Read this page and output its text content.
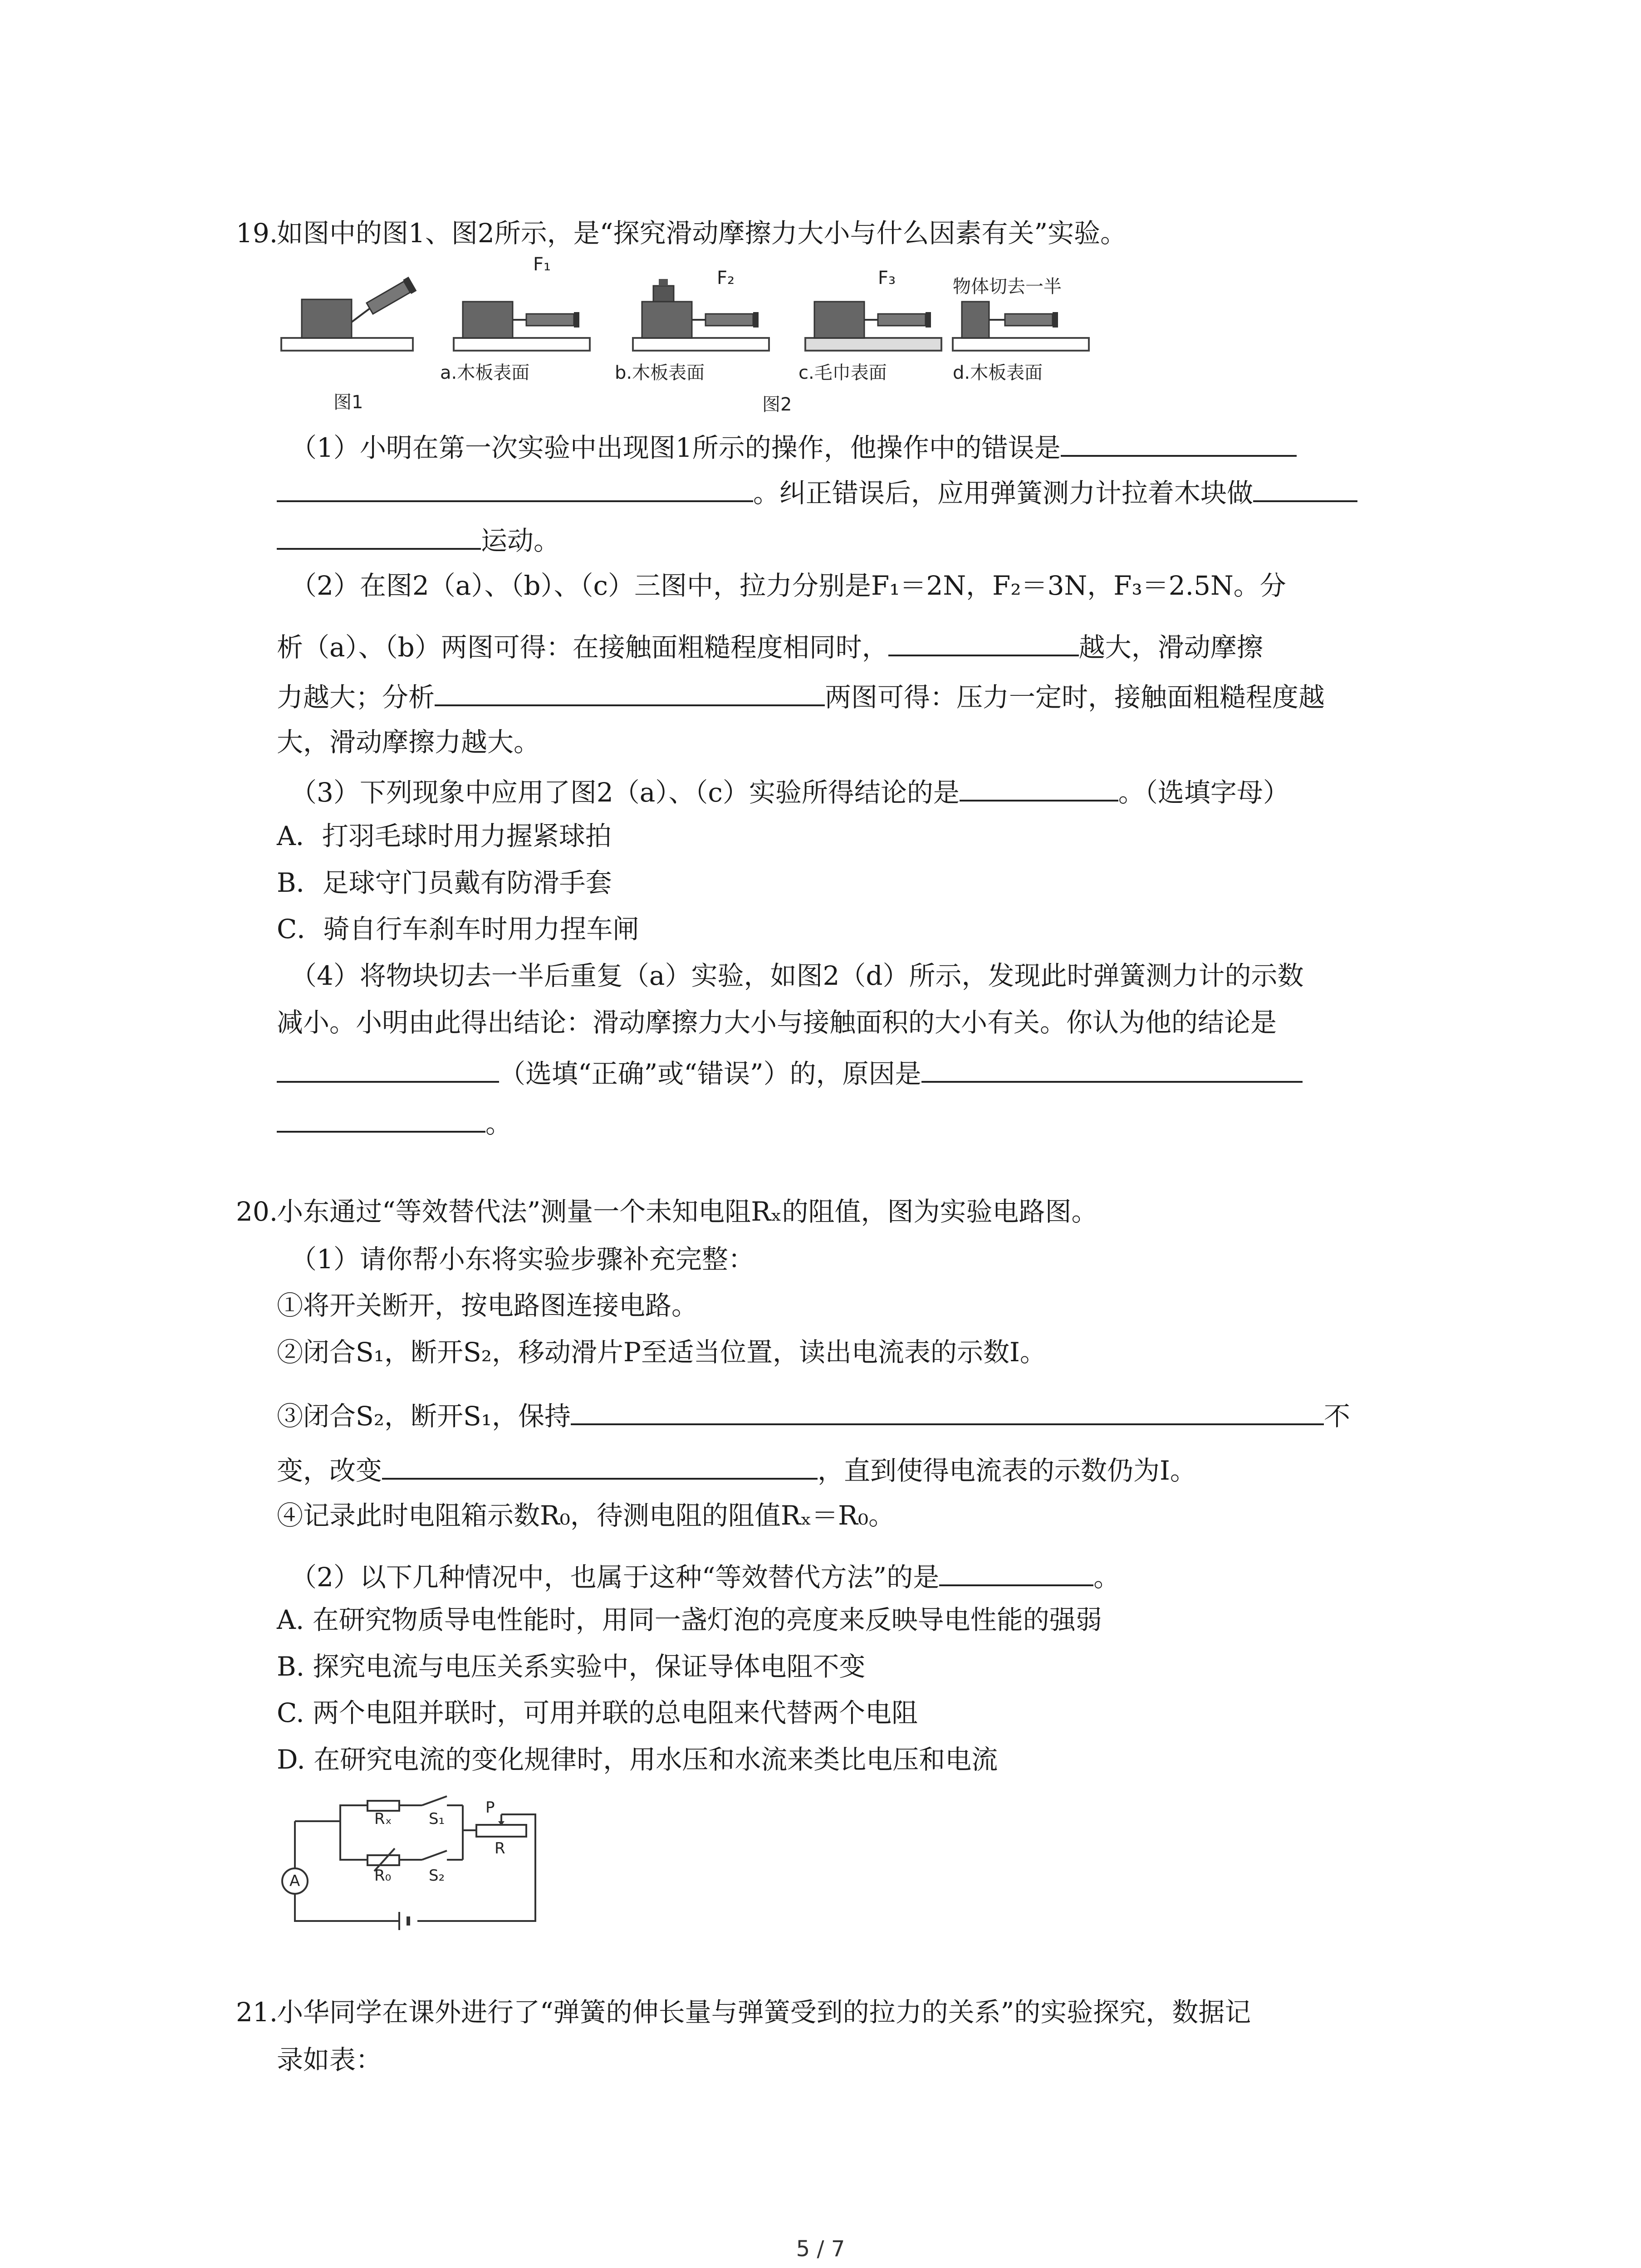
19.
如图中的图1、图2所示，是“探究滑动摩擦力大小与什么因素有关”实验。
F₁
F₂	F₃	物体切去一半
a.木板表面	b.木板表面	c.毛巾表面	d.木板表面
图1	图2
（1）小明在第一次实验中出现图1所示的操作，他操作中的错误是
。纠正错误后，应用弹簧测力计拉着木块做
运动。
（2）在图2（a）、（b）、（c）三图中，拉力分别是F₁＝2N，F₂＝3N，F₃＝2.5N。分
析（a）、（b）两图可得：在接触面粗糙程度相同时，	越大，滑动摩擦
力越大；分析	两图可得：压力一定时，接触面粗糙程度越
大，滑动摩擦力越大。
（3）下列现象中应用了图2（a）、（c）实验所得结论的是	。（选填字母）
A．打羽毛球时用力握紧球拍
B．足球守门员戴有防滑手套
C．骑自行车刹车时用力捏车闸
（4）将物块切去一半后重复（a）实验，如图2（d）所示，发现此时弹簧测力计的示数
减小。小明由此得出结论：滑动摩擦力大小与接触面积的大小有关。你认为他的结论是
（选填“正确”或“错误”）的，原因是
。
20.
小东通过“等效替代法”测量一个未知电阻Rₓ的阻值，图为实验电路图。
（1）请你帮小东将实验步骤补充完整：
①将开关断开，按电路图连接电路。
②闭合S₁，断开S₂，移动滑片P至适当位置，读出电流表的示数I。
③闭合S₂，断开S₁，保持	不
变，改变	，直到使得电流表的示数仍为I。
④记录此时电阻箱示数R₀，待测电阻的阻值Rₓ＝R₀。
（2）以下几种情况中，也属于这种“等效替代方法”的是	。
A. 在研究物质导电性能时，用同一盏灯泡的亮度来反映导电性能的强弱
B. 探究电流与电压关系实验中，保证导体电阻不变
C. 两个电阻并联时，可用并联的总电阻来代替两个电阻
D. 在研究电流的变化规律时，用水压和水流来类比电压和电流
Rₓ
R₀
S₁
S₂
P
R
A
21.
小华同学在课外进行了“弹簧的伸长量与弹簧受到的拉力的关系”的实验探究，数据记
录如表：
5 / 7
